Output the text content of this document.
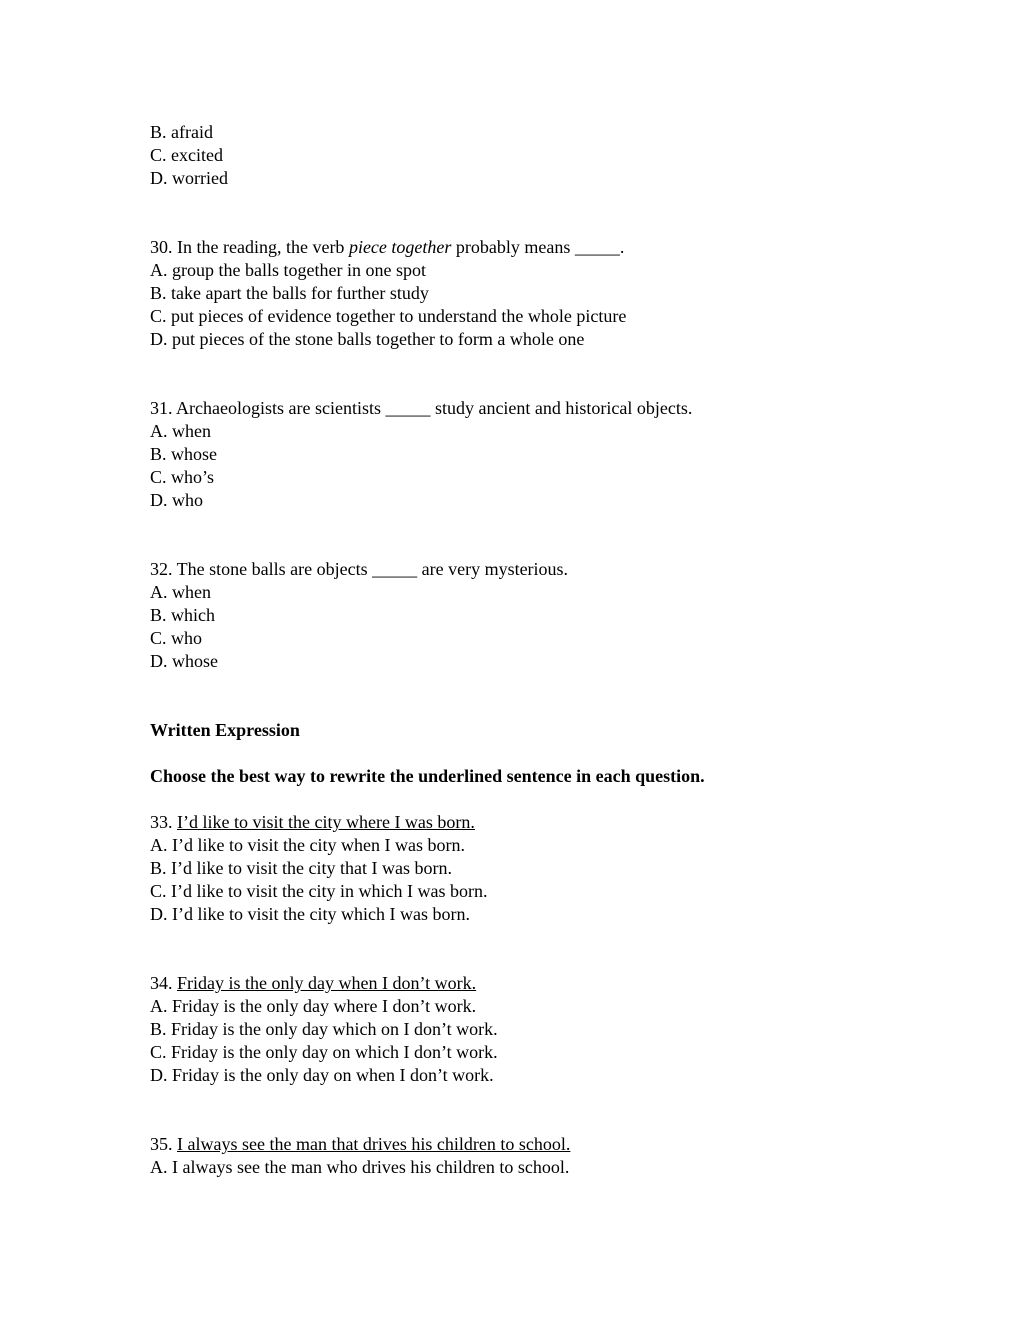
B. afraid
C. excited
D. worried
30. In the reading, the verb piece together probably means _____.
A. group the balls together in one spot
B. take apart the balls for further study
C. put pieces of evidence together to understand the whole picture
D. put pieces of the stone balls together to form a whole one
31. Archaeologists are scientists _____ study ancient and historical objects.
A. when
B. whose
C. who’s
D. who
32. The stone balls are objects _____ are very mysterious.
A. when
B. which
C. who
D. whose
Written Expression
Choose the best way to rewrite the underlined sentence in each question.
33. I’d like to visit the city where I was born.
A. I’d like to visit the city when I was born.
B. I’d like to visit the city that I was born.
C. I’d like to visit the city in which I was born.
D. I’d like to visit the city which I was born.
34. Friday is the only day when I don’t work.
A. Friday is the only day where I don’t work.
B. Friday is the only day which on I don’t work.
C. Friday is the only day on which I don’t work.
D. Friday is the only day on when I don’t work.
35. I always see the man that drives his children to school.
A. I always see the man who drives his children to school.
